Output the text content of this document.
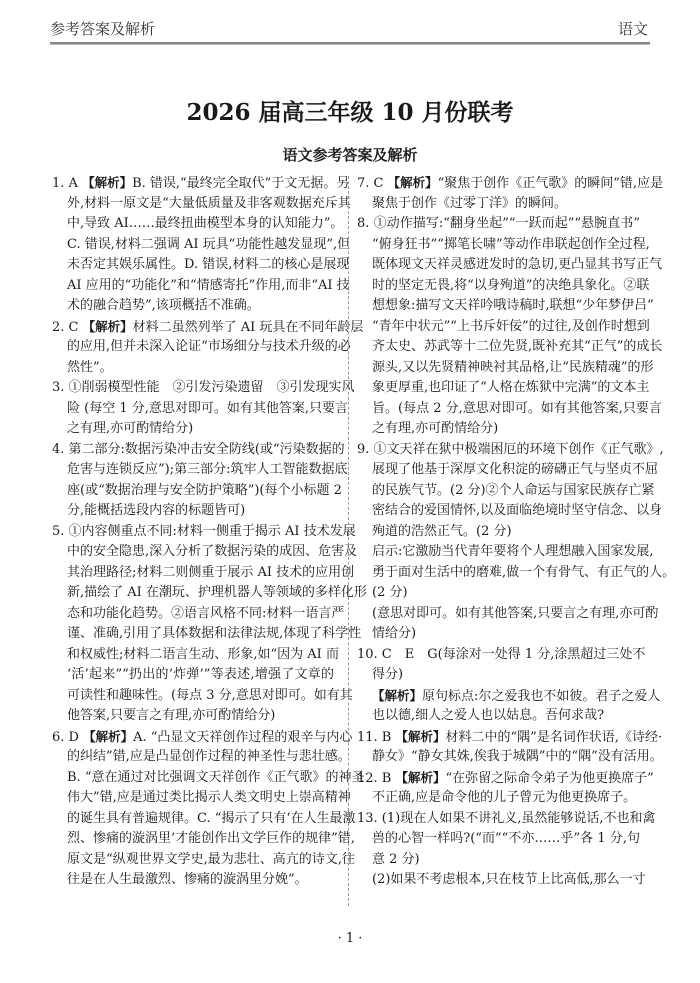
参考答案及解析	语文
2026 届高三年级 10 月份联考
语文参考答案及解析
1. A 【解析】B. 错误,“最终完全取代”于文无据。另
外,材料一原文是“大量低质量及非客观数据充斥其
中,导致 AI……最终扭曲模型本身的认知能力”。
C. 错误,材料二强调 AI 玩具“功能性越发显现”,但
未否定其娱乐属性。D. 错误,材料二的核心是展现
AI 应用的“功能化”和“情感寄托”作用,而非“AI 技
术的融合趋势”,该项概括不准确。
2. C 【解析】材料二虽然列举了 AI 玩具在不同年龄层
的应用,但并未深入论证“市场细分与技术升级的必
然性”。
3. ①削弱模型性能　②引发污染遗留　③引发现实风
险 (每空 1 分,意思对即可。如有其他答案,只要言
之有理,亦可酌情给分)
4. 第二部分:数据污染冲击安全防线(或“污染数据的
危害与连锁反应”);第三部分:筑牢人工智能数据底
座(或“数据治理与安全防护策略”)(每个小标题 2
分,能概括选段内容的标题皆可)
5. ①内容侧重点不同:材料一侧重于揭示 AI 技术发展
中的安全隐患,深入分析了数据污染的成因、危害及
其治理路径;材料二则侧重于展示 AI 技术的应用创
新,描绘了 AI 在潮玩、护理机器人等领域的多样化形
态和功能化趋势。②语言风格不同:材料一语言严
谨、准确,引用了具体数据和法律法规,体现了科学性
和权威性;材料二语言生动、形象,如“因为 AI 而
‘活’起来”“扔出的‘炸弹’”等表述,增强了文章的
可读性和趣味性。(每点 3 分,意思对即可。如有其
他答案,只要言之有理,亦可酌情给分)
6. D 【解析】A. “凸显文天祥创作过程的艰辛与内心
的纠结”错,应是凸显创作过程的神圣性与悲壮感。
B. “意在通过对比强调文天祥创作《正气歌》的神圣
伟大”错,应是通过类比揭示人类文明史上崇高精神
的诞生具有普遍规律。C. “揭示了只有‘在人生最激
烈、惨痛的漩涡里’才能创作出文学巨作的规律”错,
原文是“纵观世界文学史,最为悲壮、高亢的诗文,往
往是在人生最激烈、惨痛的漩涡里分娩”。
7. C 【解析】“聚焦于创作《正气歌》的瞬间”错,应是
聚焦于创作《过零丁洋》的瞬间。
8. ①动作描写:“翻身坐起”“一跃而起”“悬腕直书”
“俯身狂书”“掷笔长啸”等动作串联起创作全过程,
既体现文天祥灵感迸发时的急切,更凸显其书写正气
时的坚定无畏,将“以身殉道”的决绝具象化。②联
想想象:描写文天祥吟哦诗稿时,联想“少年梦伊吕”
“青年中状元”“上书斥奸佞”的过往,及创作时想到
齐太史、苏武等十二位先贤,既补充其“正气”的成长
源头,又以先贤精神映衬其品格,让“民族精魂”的形
象更厚重,也印证了“人格在炼狱中完满”的文本主
旨。(每点 2 分,意思对即可。如有其他答案,只要言
之有理,亦可酌情给分)
9. ①文天祥在狱中极端困厄的环境下创作《正气歌》,
展现了他基于深厚文化积淀的磅礴正气与坚贞不屈
的民族气节。(2 分)②个人命运与国家民族存亡紧
密结合的爱国情怀,以及面临绝境时坚守信念、以身
殉道的浩然正气。(2 分)
启示:它激励当代青年要将个人理想融入国家发展,
勇于面对生活中的磨难,做一个有骨气、有正气的人。
(2 分)
(意思对即可。如有其他答案,只要言之有理,亦可酌
情给分)
10. C　E　G(每涂对一处得 1 分,涂黑超过三处不
得分)
【解析】原句标点:尔之爱我也不如彼。君子之爱人
也以德,细人之爱人也以姑息。吾何求哉?
11. B 【解析】材料二中的“隅”是名词作状语,《诗经·
静女》“静女其姝,俟我于城隅”中的“隅”没有活用。
12. B 【解析】“在弥留之际命令弟子为他更换席子”
不正确,应是命令他的儿子曾元为他更换席子。
13. (1)现在人如果不讲礼义,虽然能够说话,不也和禽
兽的心智一样吗?(“而”“不亦……乎”各 1 分,句
意 2 分)
(2)如果不考虑根本,只在枝节上比高低,那么一寸
· 1 ·
